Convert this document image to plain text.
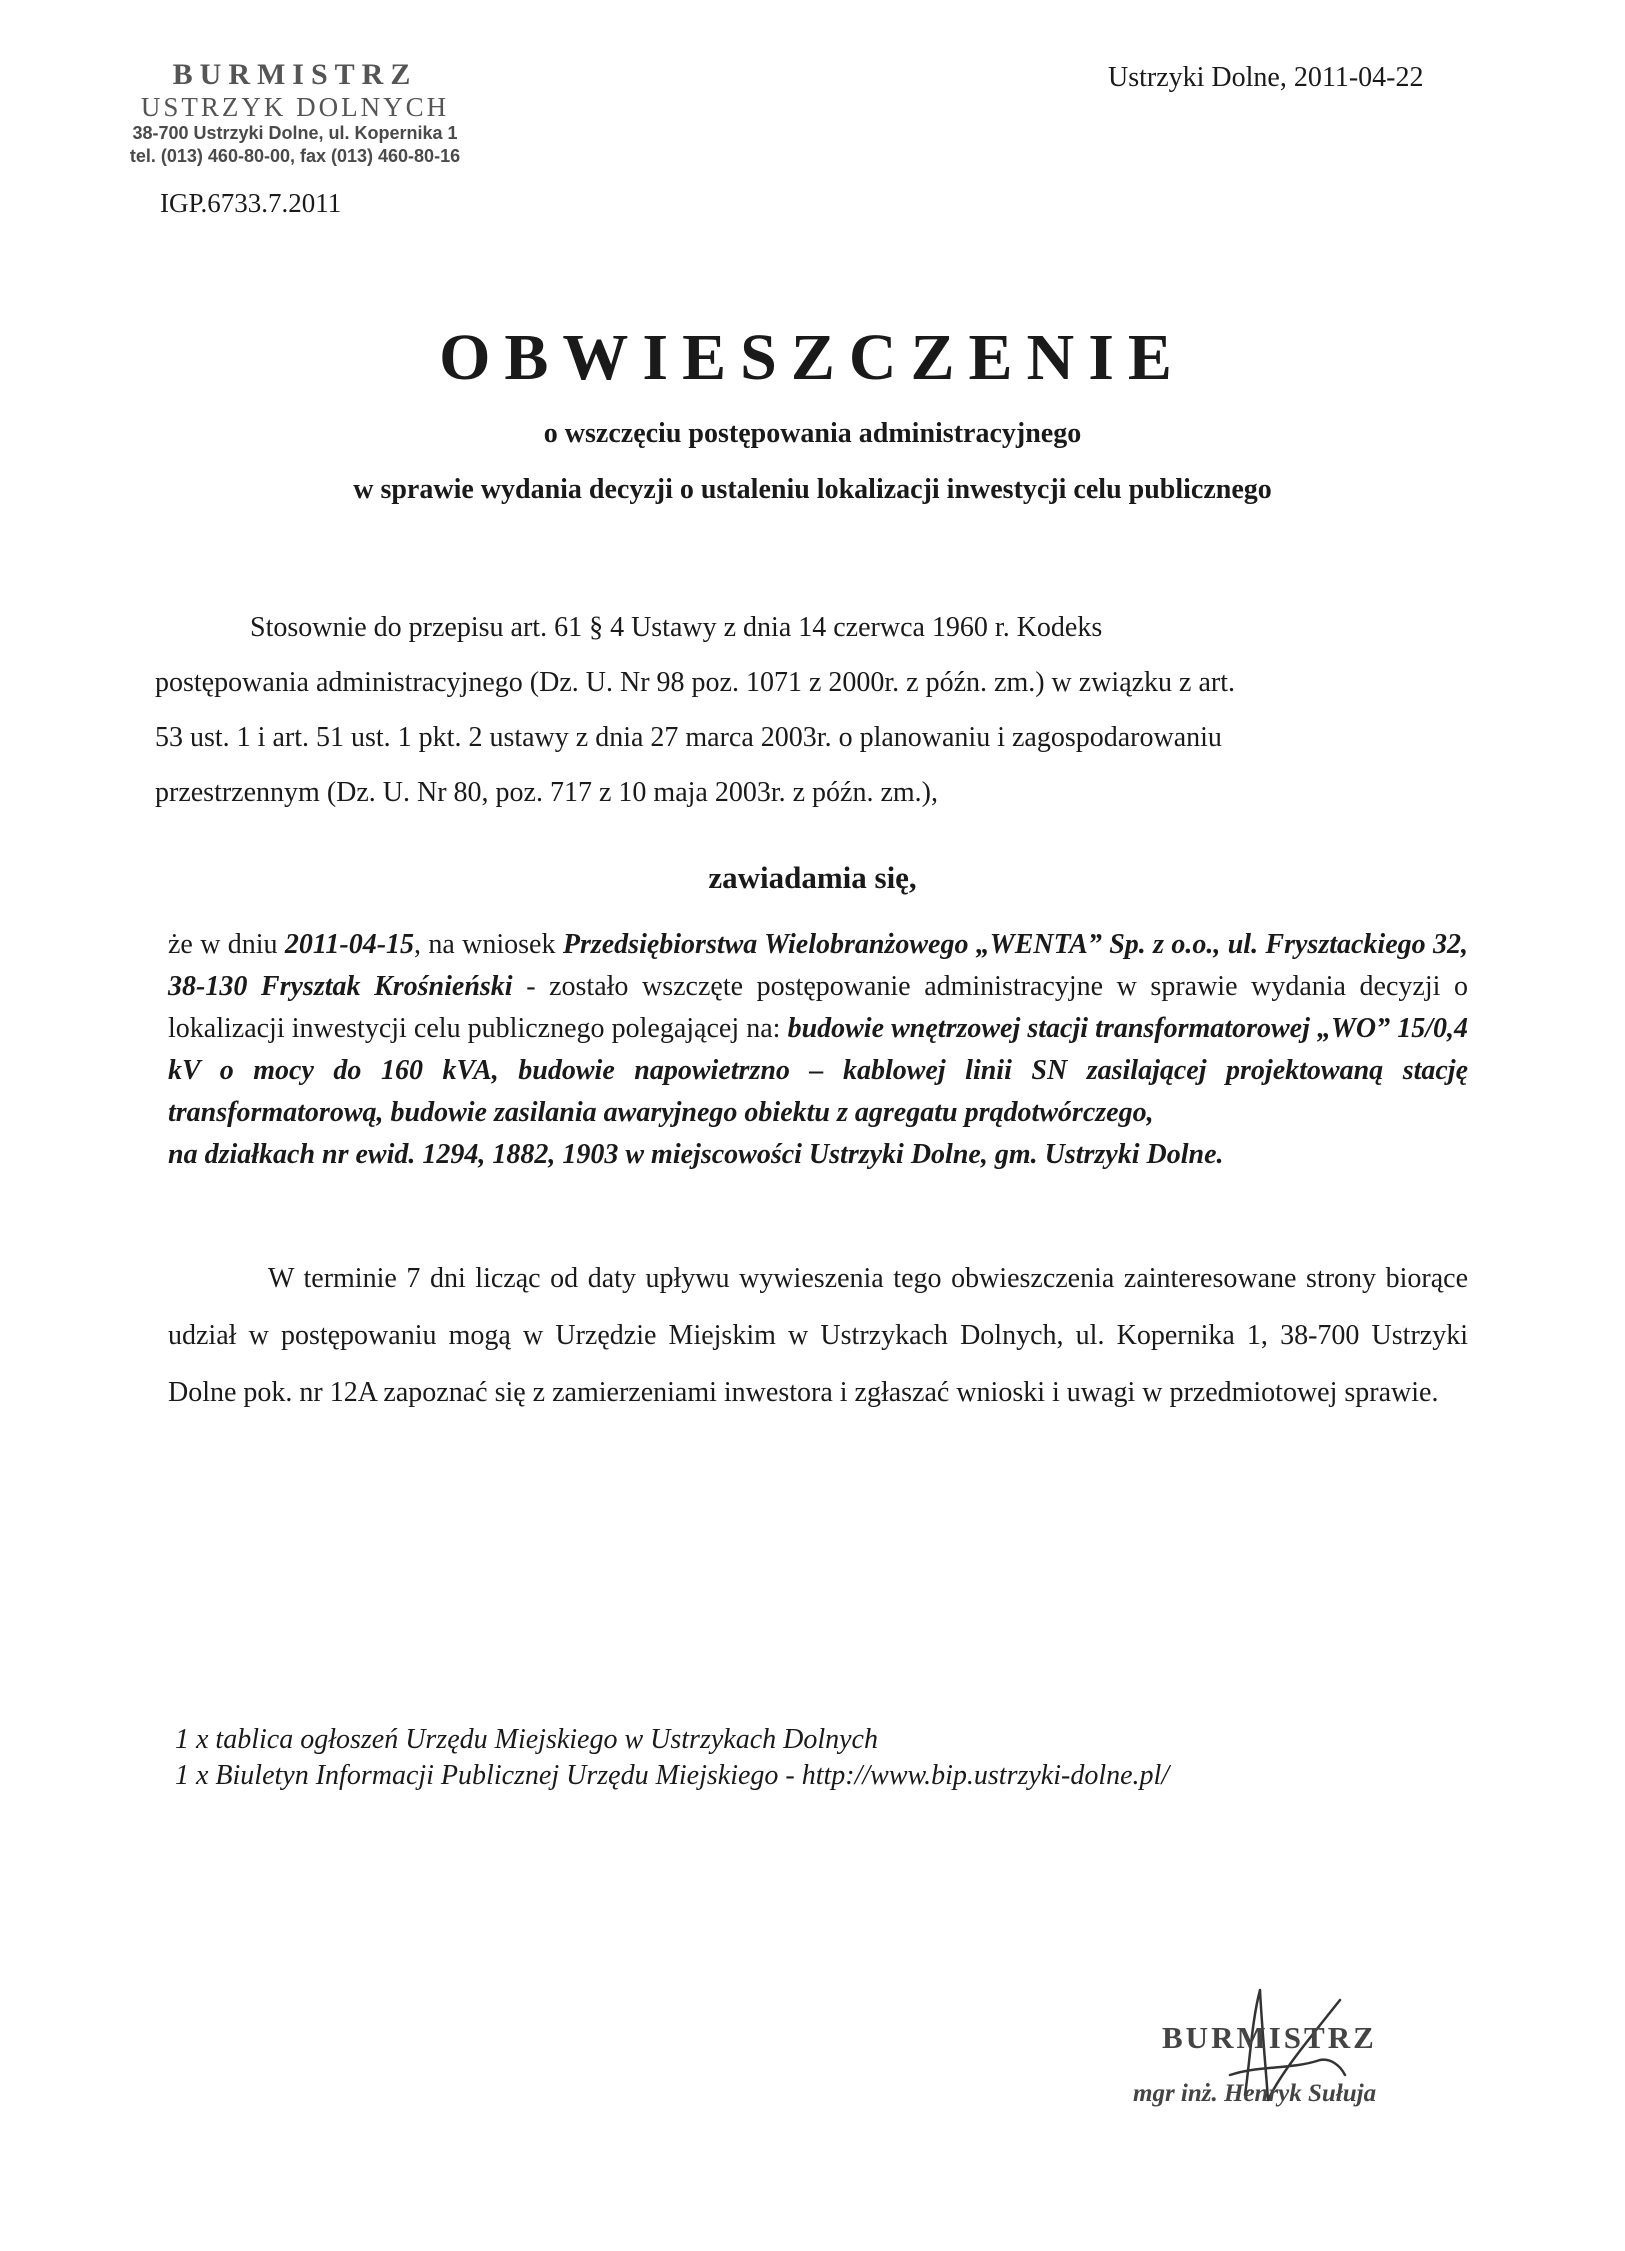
BURMISTRZ
USTRZYK DOLNYCH
38-700 Ustrzyki Dolne, ul. Kopernika 1
tel. (013) 460-80-00, fax (013) 460-80-16
IGP.6733.7.2011
Ustrzyki Dolne, 2011-04-22
OBWIESZCZENIE
o wszczęciu postępowania administracyjnego
w sprawie wydania decyzji o ustaleniu lokalizacji inwestycji celu publicznego
Stosownie do przepisu art. 61 § 4 Ustawy z dnia 14 czerwca 1960 r. Kodeks
postępowania administracyjnego (Dz. U. Nr 98 poz. 1071 z 2000r. z późn. zm.) w związku z art.
53 ust. 1 i art. 51 ust. 1 pkt. 2 ustawy z dnia 27 marca 2003r. o planowaniu i zagospodarowaniu
przestrzennym (Dz. U. Nr 80, poz. 717 z 10 maja 2003r. z późn. zm.),
zawiadamia się,
że w dniu 2011-04-15, na wniosek Przedsiębiorstwa Wielobranżowego „WENTA” Sp. z o.o., ul. Frysztackiego 32, 38-130 Frysztak Krośnieński - zostało wszczęte postępowanie administracyjne w sprawie wydania decyzji o lokalizacji inwestycji celu publicznego polegającej na: budowie wnętrzowej stacji transformatorowej „WO” 15/0,4 kV o mocy do 160 kVA, budowie napowietrzno – kablowej linii SN zasilającej projektowaną stację transformatorową, budowie zasilania awaryjnego obiektu z agregatu prądotwórczego,
na działkach nr ewid. 1294, 1882, 1903 w miejscowości Ustrzyki Dolne, gm. Ustrzyki Dolne.
W terminie 7 dni licząc od daty upływu wywieszenia tego obwieszczenia zainteresowane strony biorące udział w postępowaniu mogą w Urzędzie Miejskim w Ustrzykach Dolnych, ul. Kopernika 1, 38-700 Ustrzyki Dolne pok. nr 12A zapoznać się z zamierzeniami inwestora i zgłaszać wnioski i uwagi w przedmiotowej sprawie.
1 x tablica ogłoszeń Urzędu Miejskiego w Ustrzykach Dolnych
1 x Biuletyn Informacji Publicznej Urzędu Miejskiego - http://www.bip.ustrzyki-dolne.pl/
BURMISTRZ
mgr inż. Henryk Sułuja
